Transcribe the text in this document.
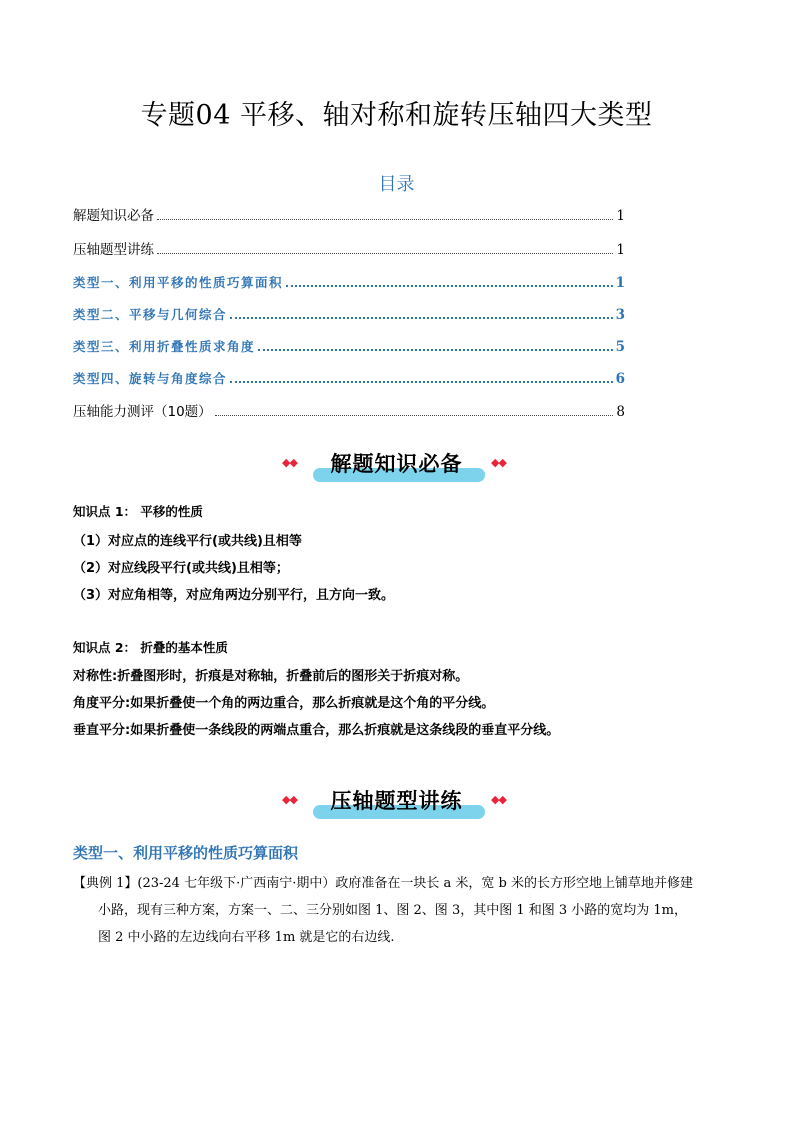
专题04 平移、轴对称和旋转压轴四大类型
目录
解题知识必备	1
压轴题型讲练	1
类型一、利用平移的性质巧算面积	1
类型二、平移与几何综合	3
类型三、利用折叠性质求角度	5
类型四、旋转与角度综合	6
压轴能力测评（10题）	8
◆◆	解题知识必备	◆◆
知识点 1： 平移的性质
（1）对应点的连线平行(或共线)且相等
（2）对应线段平行(或共线)且相等；
（3）对应角相等，对应角两边分别平行，且方向一致。
知识点 2： 折叠的基本性质
对称性:折叠图形时，折痕是对称轴，折叠前后的图形关于折痕对称。
角度平分:如果折叠使一个角的两边重合，那么折痕就是这个角的平分线。
垂直平分:如果折叠使一条线段的两端点重合，那么折痕就是这条线段的垂直平分线。
◆◆	压轴题型讲练	◆◆
类型一、利用平移的性质巧算面积

【典例 1】(23-24 七年级下·广西南宁·期中）政府准备在一块长 a 米，宽 b 米的长方形空地上铺草地并修建

小路，现有三种方案，方案一、二、三分别如图 1、图 2、图 3，其中图 1 和图 3 小路的宽均为 1m，

图 2 中小路的左边线向右平移 1m 就是它的右边线.
